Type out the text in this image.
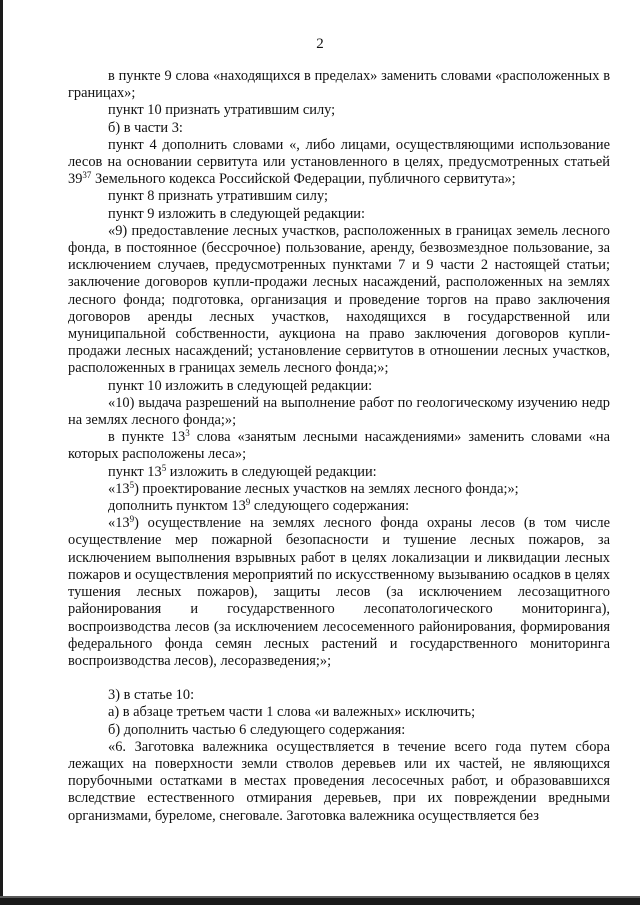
2

в пункте 9 слова «находящихся в пределах» заменить словами «расположенных в границах»;

пункт 10 признать утратившим силу;

б) в части 3:

пункт 4 дополнить словами «, либо лицами, осуществляющими использование лесов на основании сервитута или установленного в целях, предусмотренных статьей $39^{37}$ Земельного кодекса Российской Федерации, публичного сервитута»;

пункт 8 признать утратившим силу;

пункт 9 изложить в следующей редакции:

«9) предоставление лесных участков, расположенных в границах земель лесного фонда, в постоянное (бессрочное) пользование, аренду, безвозмездное пользование, за исключением случаев, предусмотренных пунктами 7 и 9 части 2 настоящей статьи; заключение договоров купли-продажи лесных насаждений, расположенных на землях лесного фонда; подготовка, организация и проведение торгов на право заключения договоров аренды лесных участков, находящихся в государственной или муниципальной собственности, аукциона на право заключения договоров купли-продажи лесных насаждений; установление сервитутов в отношении лесных участков, расположенных в границах земель лесного фонда;»;

пункт 10 изложить в следующей редакции:

«10) выдача разрешений на выполнение работ по геологическому изучению недр на землях лесного фонда;»;

в пункте $13^3$ слова «занятым лесными насаждениями» заменить словами «на которых расположены леса»;

пункт $13^5$ изложить в следующей редакции:

«$13^5$) проектирование лесных участков на землях лесного фонда;»;

дополнить пунктом $13^9$ следующего содержания:

«$13^9$) осуществление на землях лесного фонда охраны лесов (в том числе осуществление мер пожарной безопасности и тушение лесных пожаров, за исключением выполнения взрывных работ в целях локализации и ликвидации лесных пожаров и осуществления мероприятий по искусственному вызыванию осадков в целях тушения лесных пожаров), защиты лесов (за исключением лесозащитного районирования и государственного лесопатологического мониторинга), воспроизводства лесов (за исключением лесосеменного районирования, формирования федерального фонда семян лесных растений и государственного мониторинга воспроизводства лесов), лесоразведения;»;

3) в статье 10:

а) в абзаце третьем части 1 слова «и валежных» исключить;

б) дополнить частью 6 следующего содержания:

«6. Заготовка валежника осуществляется в течение всего года путем сбора лежащих на поверхности земли стволов деревьев или их частей, не являющихся порубочными остатками в местах проведения лесосечных работ, и образовавшихся вследствие естественного отмирания деревьев, при их повреждении вредными организмами, буреломе, снеговале. Заготовка валежника осуществляется без
